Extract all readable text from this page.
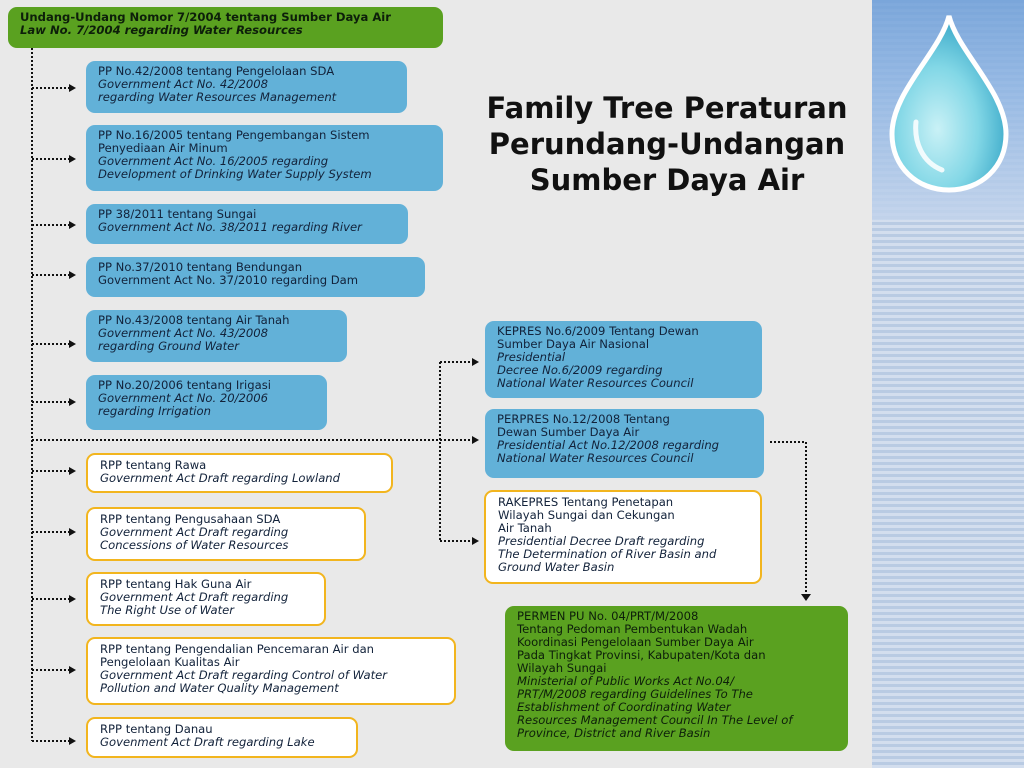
Undang-Undang Nomor 7/2004 tentang Sumber Daya Air
Law No. 7/2004 regarding Water Resources
Family Tree Peraturan
Perundang-Undangan
Sumber Daya Air
PP No.42/2008 tentang Pengelolaan SDA
Government Act No. 42/2008
regarding Water Resources Management
PP No.16/2005 tentang Pengembangan Sistem
Penyediaan Air Minum
Government Act No. 16/2005 regarding
Development of Drinking Water Supply System
PP 38/2011 tentang Sungai
Government Act No. 38/2011 regarding River
PP No.37/2010 tentang Bendungan
Government Act No. 37/2010 regarding Dam
PP No.43/2008 tentang Air Tanah
Government Act No. 43/2008
regarding Ground Water
PP No.20/2006 tentang Irigasi
Government Act No. 20/2006
regarding Irrigation
RPP tentang Rawa
Government Act Draft regarding Lowland
RPP tentang Pengusahaan SDA
Government Act Draft regarding
Concessions of Water Resources
RPP tentang Hak Guna Air
Government Act Draft regarding
The Right Use of Water
RPP tentang Pengendalian Pencemaran Air dan
Pengelolaan Kualitas Air
Government Act Draft regarding Control of Water
Pollution and Water Quality Management
RPP tentang Danau
Govenment Act Draft regarding Lake
KEPRES No.6/2009 Tentang Dewan
Sumber Daya Air Nasional
Presidential
Decree No.6/2009 regarding
National Water Resources Council
PERPRES No.12/2008 Tentang
Dewan Sumber Daya Air
Presidential Act No.12/2008 regarding
National Water Resources Council
RAKEPRES Tentang Penetapan
Wilayah Sungai dan Cekungan
Air Tanah
Presidential Decree Draft regarding
The Determination of River Basin and
Ground Water Basin
PERMEN PU No. 04/PRT/M/2008
Tentang Pedoman Pembentukan Wadah
Koordinasi Pengelolaan Sumber Daya Air
Pada Tingkat Provinsi, Kabupaten/Kota dan
Wilayah Sungai
Ministerial of Public Works Act No.04/
PRT/M/2008 regarding Guidelines To The
Establishment of Coordinating Water
Resources Management Council In The Level of
Province, District and River Basin
